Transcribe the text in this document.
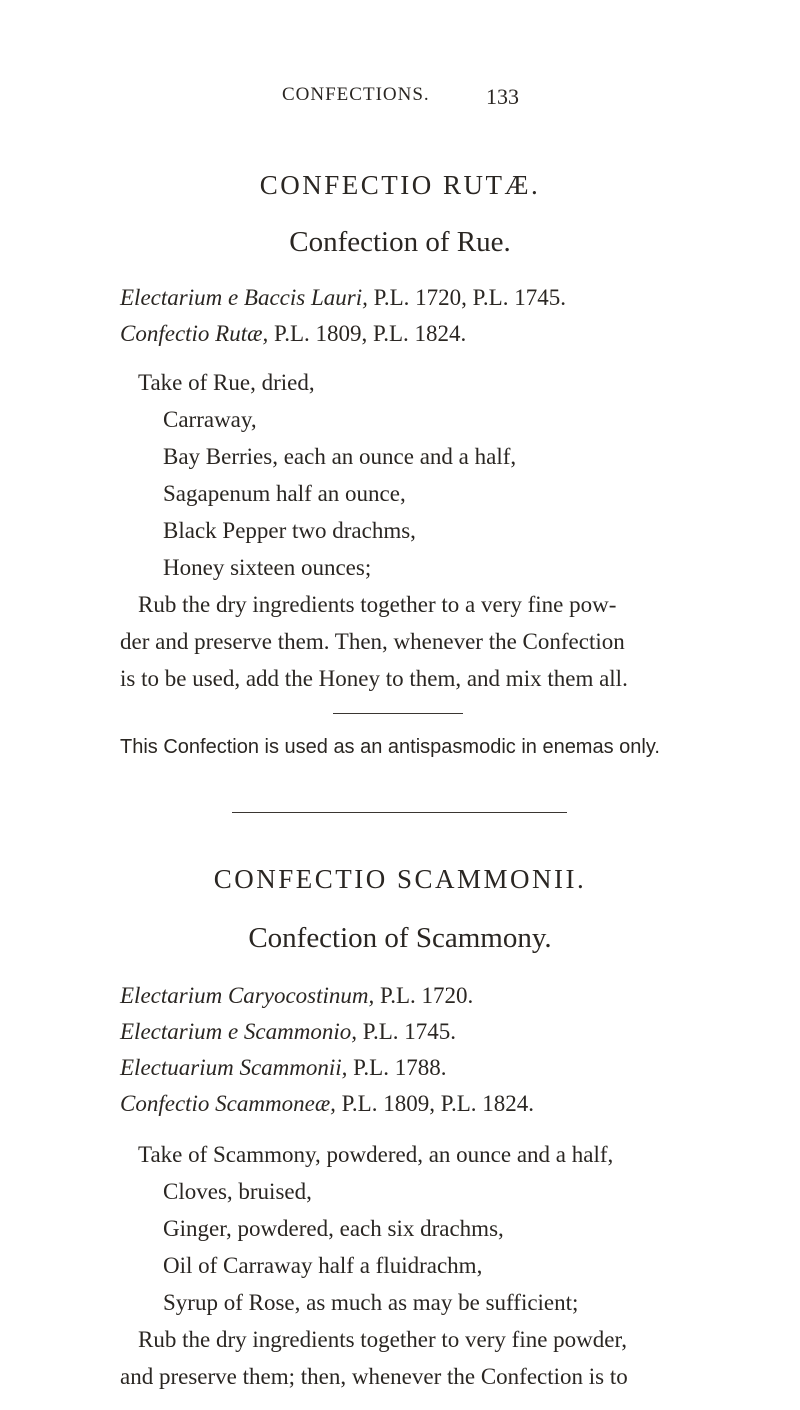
CONFECTIONS.	133
CONFECTIO RUTÆ.
Confection of Rue.
Electarium e Baccis Lauri, P.L. 1720, P.L. 1745.
Confectio Rutæ, P.L. 1809, P.L. 1824.
Take of Rue, dried,
Carraway,
Bay Berries, each an ounce and a half,
Sagapenum half an ounce,
Black Pepper two drachms,
Honey sixteen ounces;
Rub the dry ingredients together to a very fine pow-
der and preserve them. Then, whenever the Confection
is to be used, add the Honey to them, and mix them all.
This Confection is used as an antispasmodic in enemas only.
CONFECTIO SCAMMONII.
Confection of Scammony.
Electarium Caryocostinum, P.L. 1720.
Electarium e Scammonio, P.L. 1745.
Electuarium Scammonii, P.L. 1788.
Confectio Scammoneæ, P.L. 1809, P.L. 1824.
Take of Scammony, powdered, an ounce and a half,
Cloves, bruised,
Ginger, powdered, each six drachms,
Oil of Carraway half a fluidrachm,
Syrup of Rose, as much as may be sufficient;
Rub the dry ingredients together to very fine powder,
and preserve them; then, whenever the Confection is to
